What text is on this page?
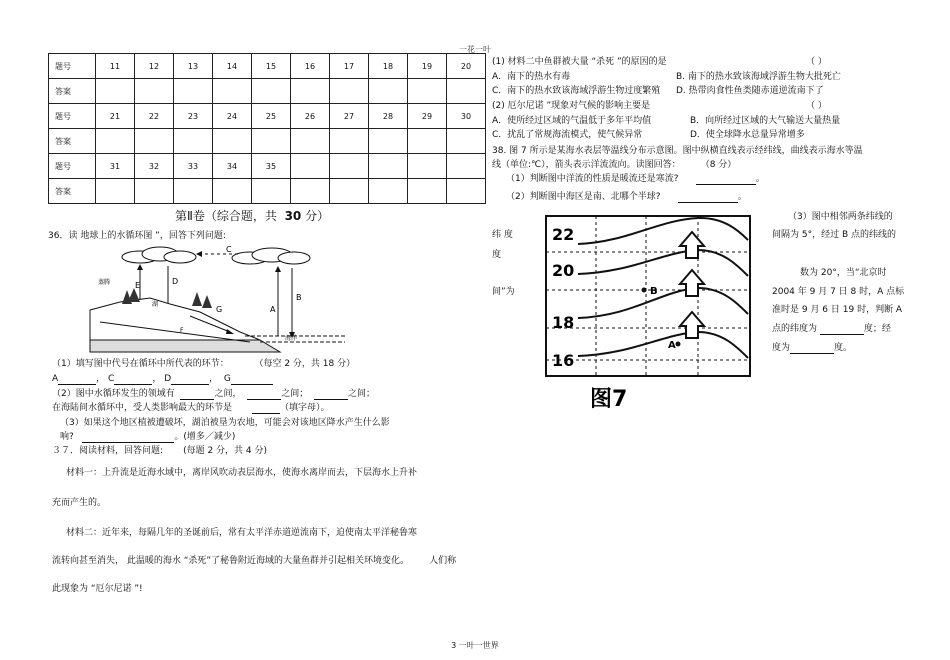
一花一叶
题号	11	12	13	14	15	16	17	18	19	20
答案										
题号	21	22	23	24	25	26	27	28	29	30
答案										
题号	31	32	33	34	35					
答案										
第Ⅱ卷（综合题，共 30 分）
36．读 地球上的水循环图 ”，回答下列问题:
E	D
C
A
B
G
蒸腾
湖
F
海洋
（1）填写图中代号在循环中所代表的环节：	（每空 2 分，共 18 分）
A	， C	， D	，  G
（2）图中水循环发生的领域有	之间，	之间；	之间；
在海陆间水循环中，受人类影响最大的环节是	（填字母）。
（3）如果这个地区植被遭破坏，湖泊被垦为农地，可能会对该地区降水产生什么影
响?	。(增多／减少)
３７．阅读材料，回答问题: (每题 2 分，共 4 分)
材料一：上升流是近海水域中，离岸风吹动表层海水，使海水离岸而去，下层海水上升补
充而产生的。
材料二：近年来，每隔几年的圣诞前后，常有太平洋赤道逆流南下，迫使南太平洋秘鲁寒
流转向甚至消失， 此温暖的海水 “杀死”了秘鲁附近海域的大量鱼群并引起相关环境变化。 人们称
此现象为 “厄尔尼诺 ”!
(1) 材料二中鱼群被大量 “杀死 ”的原因的是	（ ）
A．南下的热水有毒	B. 南下的热水致该海域浮游生物大批死亡
C．南下的热水致该海域浮游生物过度繁殖 D. 热带肉食性鱼类随赤道逆流南下了
(2) 厄尔尼诺 ”现象对气候的影响主要是	（ ）
A．使所经过区域的气温低于多年平均值	B．向所经过区域的大气输送大量热量
C．扰乱了常规海流模式，使气候异常	D．使全球降水总量异常增多
38. 图 7 所示是某海水表层等温线分布示意图。图中纵横直线表示经纬线，曲线表示海水等温
线（单位:℃），箭头表示洋流流向。读图回答： （8 分）
（1）判断图中洋流的性质是暖流还是寒流?	。
（2）判断图中海区是南、北哪个半球?	。
纬 度
度
间”为
22
20
18
16
B
A
图7
（3）图中相邻两条纬线的
间隔为 5°，经过 B 点的纬线的
数为 20°，当“北京时
2004 年 9 月 7 日 8 时，A 点标
准时是 9 月 6 日 19 时，判断 A
点的纬度为	度；经
度为	度。
3 一叶一世界
